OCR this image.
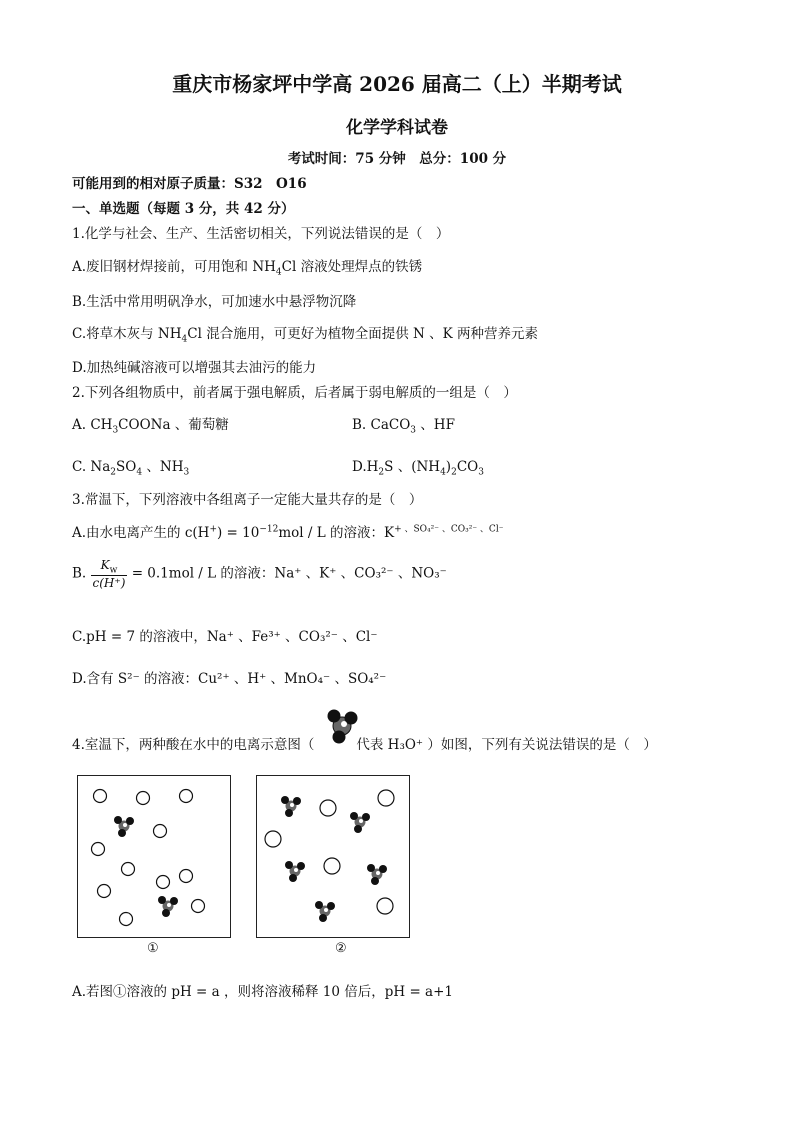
重庆市杨家坪中学高 2026 届高二（上）半期考试
化学学科试卷
考试时间：75 分钟　总分：100 分
可能用到的相对原子质量：S32　O16
一、单选题（每题 3 分，共 42 分）
1.化学与社会、生产、生活密切相关，下列说法错误的是（　）
A.废旧钢材焊接前，可用饱和 $NH_4Cl$ 溶液处理焊点的铁锈
B.生活中常用明矾净水，可加速水中悬浮物沉降
C.将草木灰与 $NH_4Cl$ 混合施用，可更好为植物全面提供 N 、K 两种营养元素
D.加热纯碱溶液可以增强其去油污的能力
2.下列各组物质中，前者属于强电解质，后者属于弱电解质的一组是（　）
A. $CH_3COONa$ 、葡萄糖	B. CaCO$_3$ 、HF
C. $Na_2SO_4$ 、$NH_3$	$D.H_2S$ 、$(NH_4)_2CO_3$
3.常温下，下列溶液中各组离子一定能大量共存的是（　）
A.由水电离产生的 $c(H^+) = 10^{-12}mol / L$ 的溶液：$K^{+ 、SO_4^{2-} 、CO_3^{2-} 、Cl^-}$
B. $\frac{K_w}{c(H^+)} = 0.1mol / L$ 的溶液：Na⁺ 、K⁺ 、CO₃²⁻ 、NO₃⁻
C.pH = 7 的溶液中，Na⁺ 、Fe³⁺ 、CO₃²⁻ 、Cl⁻
D.含有 S²⁻ 的溶液：Cu²⁺ 、H⁺ 、MnO₄⁻ 、SO₄²⁻
4.室温下，两种酸在水中的电离示意图（	代表 H₃O⁺ ）如图，下列有关说法错误的是（　）
①	②
A.若图①溶液的 pH = a ，则将溶液稀释 10 倍后，pH = a+1
